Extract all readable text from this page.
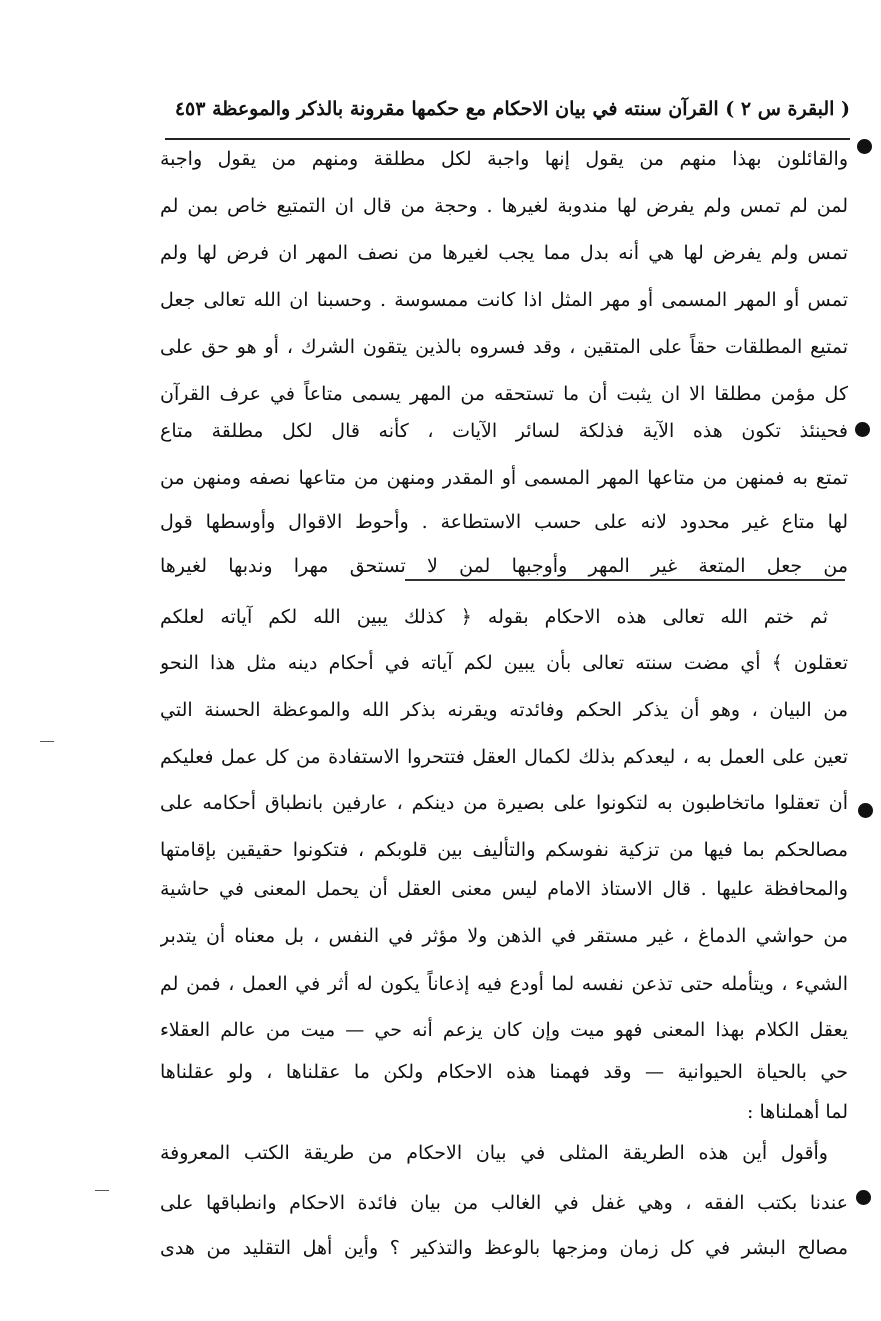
( البقرة س ٢ ) القرآن سنته في بيان الاحكام مع حكمها مقرونة بالذكر والموعظة ٤٥٣
والقائلون بهذا منهم من يقول إنها واجبة لكل مطلقة ومنهم من يقول واجبة
لمن لم تمس ولم يفرض لها مندوبة لغيرها . وحجة من قال ان التمتيع خاص بمن لم
تمس ولم يفرض لها هي أنه بدل مما يجب لغيرها من نصف المهر ان فرض لها ولم
تمس أو المهر المسمى أو مهر المثل اذا كانت ممسوسة . وحسبنا ان الله تعالى جعل
تمتيع المطلقات حقاً على المتقين ، وقد فسروه بالذين يتقون الشرك ، أو هو حق على
كل مؤمن مطلقا الا ان يثبت أن ما تستحقه من المهر يسمى متاعاً في عرف القرآن
فحينئذ تكون هذه الآية فذلكة لسائر الآيات ، كأنه قال لكل مطلقة متاع
تمتع به فمنهن من متاعها المهر المسمى أو المقدر ومنهن من متاعها نصفه ومنهن من
لها متاع غير محدود لانه على حسب الاستطاعة . وأحوط الاقوال وأوسطها قول
من جعل المتعة غير المهر وأوجبها لمن لا تستحق مهرا وندبها لغيرها
ثم ختم الله تعالى هذه الاحكام بقوله ﴿ كذلك يبين الله لكم آياته لعلكم
تعقلون ﴾ أي مضت سنته تعالى بأن يبين لكم آياته في أحكام دينه مثل هذا النحو
من البيان ، وهو أن يذكر الحكم وفائدته ويقرنه بذكر الله والموعظة الحسنة التي
تعين على العمل به ، ليعدكم بذلك لكمال العقل فتتحروا الاستفادة من كل عمل فعليكم
أن تعقلوا ماتخاطبون به لتكونوا على بصيرة من دينكم ، عارفين بانطباق أحكامه على
مصالحكم بما فيها من تزكية نفوسكم والتأليف بين قلوبكم ، فتكونوا حقيقين بإقامتها
والمحافظة عليها . قال الاستاذ الامام ليس معنى العقل أن يحمل المعنى في حاشية
من حواشي الدماغ ، غير مستقر في الذهن ولا مؤثر في النفس ، بل معناه أن يتدبر
الشيء ، ويتأمله حتى تذعن نفسه لما أودع فيه إذعاناً يكون له أثر في العمل ، فمن لم
يعقل الكلام بهذا المعنى فهو ميت وإن كان يزعم أنه حي — ميت من عالم العقلاء
حي بالحياة الحيوانية — وقد فهمنا هذه الاحكام ولكن ما عقلناها ، ولو عقلناها
لما أهملناها :
وأقول أين هذه الطريقة المثلى في بيان الاحكام من طريقة الكتب المعروفة
عندنا بكتب الفقه ، وهي غفل في الغالب من بيان فائدة الاحكام وانطباقها على
مصالح البشر في كل زمان ومزجها بالوعظ والتذكير ؟ وأين أهل التقليد من هدى
